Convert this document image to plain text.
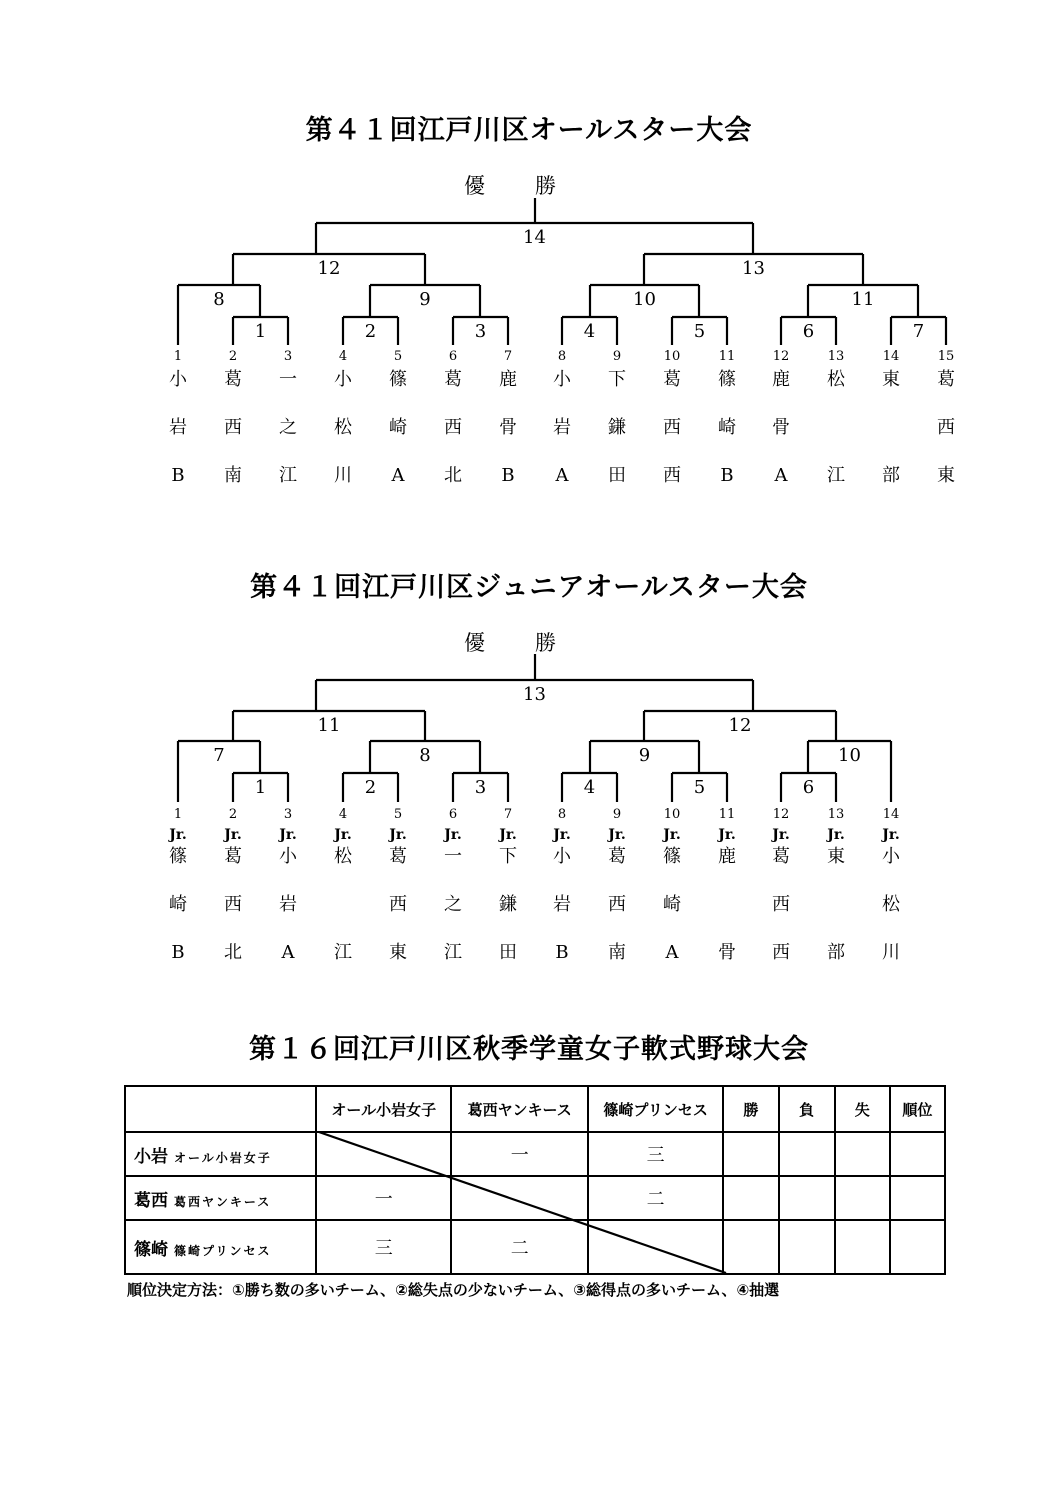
第４１回江戸川区オールスター大会
優勝
1	2	3	4	5	6	7
8	9	10	11
12	13
14
1	2	3	4	5	6	7	8	9	10	11	12	13	14	15
小
岩
B
葛
西
南
一
之
江
小
松
川
篠
崎
A
葛
西
北
鹿
骨
B
小
岩
A
下
鎌
田
葛
西
西
篠
崎
B
鹿
骨
A
松
江
東
部
葛
西
東
第４１回江戸川区ジュニアオールスター大会
優勝
1	2	3	4	5	6
7	8	9	10
11	12
13
1	2	3	4	5	6	7	8	9	10	11	12	13	14
Jr.
篠
崎
B
Jr.
葛
西
北
Jr.
小
岩
A
Jr.
松
江
Jr.
葛
西
東
Jr.
一
之
江
Jr.
下
鎌
田
Jr.
小
岩
B
Jr.
葛
西
南
Jr.
篠
崎
A
Jr.
鹿
骨
Jr.
葛
西
西
Jr.
東
部
Jr.
小
松
川
第１６回江戸川区秋季学童女子軟式野球大会
	オール小岩女子	葛西ヤンキース	篠崎プリンセス	勝	負	失	順位
小岩 オール小岩女子		一	三				
葛西 葛西ヤンキース	一		二				
篠崎 篠崎プリンセス	三	二					
順位決定方法：①勝ち数の多いチーム、②総失点の少ないチーム、③総得点の多いチーム、④抽選
